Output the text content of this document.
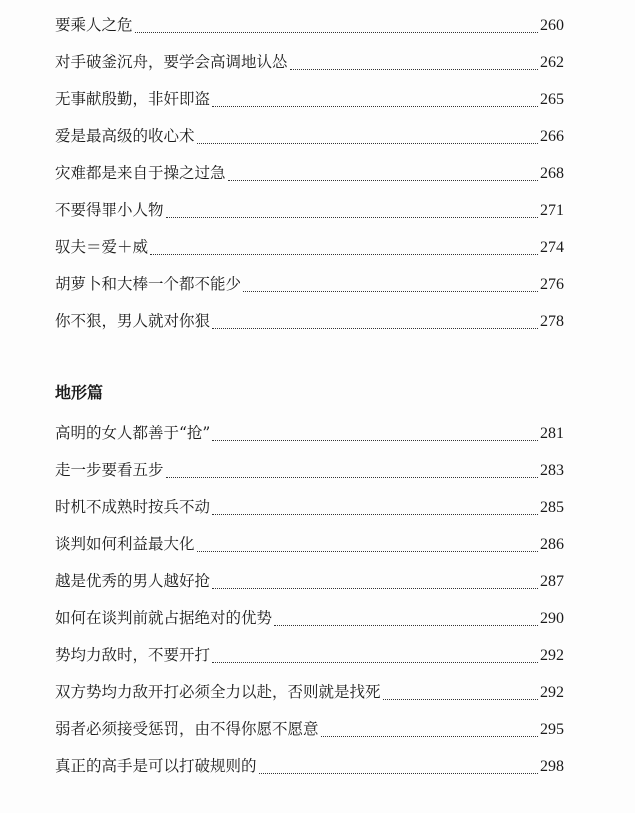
要乘人之危	260
对手破釜沉舟，要学会高调地认怂	262
无事献殷勤，非奸即盗	265
爱是最高级的收心术	266
灾难都是来自于操之过急	268
不要得罪小人物	271
驭夫＝爱＋威	274
胡萝卜和大棒一个都不能少	276
你不狠，男人就对你狠	278
地形篇
高明的女人都善于“抢”	281
走一步要看五步	283
时机不成熟时按兵不动	285
谈判如何利益最大化	286
越是优秀的男人越好抢	287
如何在谈判前就占据绝对的优势	290
势均力敌时，不要开打	292
双方势均力敌开打必须全力以赴，否则就是找死	292
弱者必须接受惩罚，由不得你愿不愿意	295
真正的高手是可以打破规则的	298
